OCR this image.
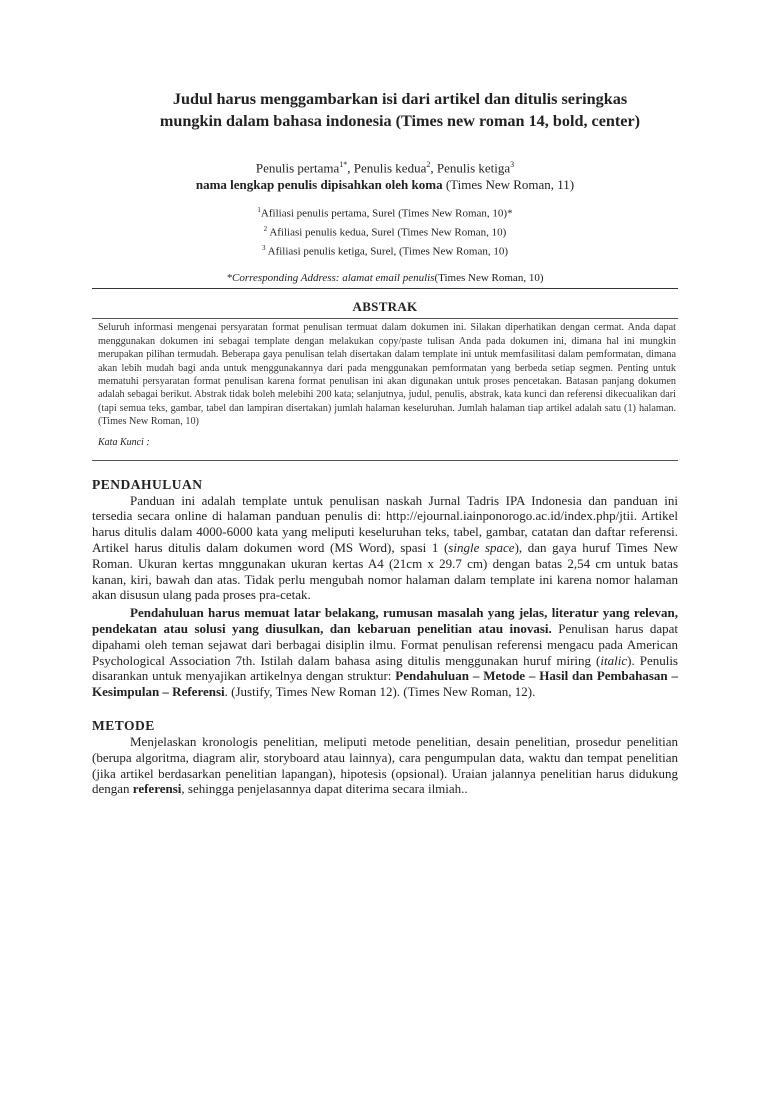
Judul harus menggambarkan isi dari artikel dan ditulis seringkas
mungkin dalam bahasa indonesia (Times new roman 14, bold, center)
Penulis pertama$^{1*}$, Penulis kedua$^2$, Penulis ketiga$^3$
nama lengkap penulis dipisahkan oleh koma (Times New Roman, 11)
$^1$Afiliasi penulis pertama, Surel (Times New Roman, 10)*
$^2$ Afiliasi penulis kedua, Surel (Times New Roman, 10)
$^3$ Afiliasi penulis ketiga, Surel, (Times New Roman, 10)
*Corresponding Address: alamat email penulis(Times New Roman, 10)
ABSTRAK
Seluruh informasi mengenai persyaratan format penulisan termuat dalam dokumen ini. Silakan diperhatikan dengan cermat. Anda dapat menggunakan dokumen ini sebagai template dengan melakukan copy/paste tulisan Anda pada dokumen ini, dimana hal ini mungkin merupakan pilihan termudah. Beberapa gaya penulisan telah disertakan dalam template ini untuk memfasilitasi dalam pemformatan, dimana akan lebih mudah bagi anda untuk menggunakannya dari pada menggunakan pemformatan yang berbeda setiap segmen. Penting untuk mematuhi persyaratan format penulisan karena format penulisan ini akan digunakan untuk proses pencetakan. Batasan panjang dokumen adalah sebagai berikut. Abstrak tidak boleh melebihi 200 kata; selanjutnya, judul, penulis, abstrak, kata kunci dan referensi dikecualikan dari (tapi semua teks, gambar, tabel dan lampiran disertakan) jumlah halaman keseluruhan. Jumlah halaman tiap artikel adalah satu (1) halaman. (Times New Roman, 10)
Kata Kunci :
PENDAHULUAN

Panduan ini adalah template untuk penulisan naskah Jurnal Tadris IPA Indonesia dan panduan ini tersedia secara online di halaman panduan penulis di: http://ejournal.iainponorogo.ac.id/index.php/jtii. Artikel harus ditulis dalam 4000-6000 kata yang meliputi keseluruhan teks, tabel, gambar, catatan dan daftar referensi. Artikel harus ditulis dalam dokumen word (MS Word), spasi 1 (single space), dan gaya huruf Times New Roman. Ukuran kertas mnggunakan ukuran kertas A4 (21cm x 29.7 cm) dengan batas 2,54 cm untuk batas kanan, kiri, bawah dan atas. Tidak perlu mengubah nomor halaman dalam template ini karena nomor halaman akan disusun ulang pada proses pra-cetak.

Pendahuluan harus memuat latar belakang, rumusan masalah yang jelas, literatur yang relevan, pendekatan atau solusi yang diusulkan, dan kebaruan penelitian atau inovasi. Penulisan harus dapat dipahami oleh teman sejawat dari berbagai disiplin ilmu. Format penulisan referensi mengacu pada American Psychological Association 7th. Istilah dalam bahasa asing ditulis menggunakan huruf miring (italic). Penulis disarankan untuk menyajikan artikelnya dengan struktur: Pendahuluan – Metode – Hasil dan Pembahasan – Kesimpulan – Referensi. (Justify, Times New Roman 12). (Times New Roman, 12).

METODE

Menjelaskan kronologis penelitian, meliputi metode penelitian, desain penelitian, prosedur penelitian (berupa algoritma, diagram alir, storyboard atau lainnya), cara pengumpulan data, waktu dan tempat penelitian (jika artikel berdasarkan penelitian lapangan), hipotesis (opsional). Uraian jalannya penelitian harus didukung dengan referensi, sehingga penjelasannya dapat diterima secara ilmiah..
